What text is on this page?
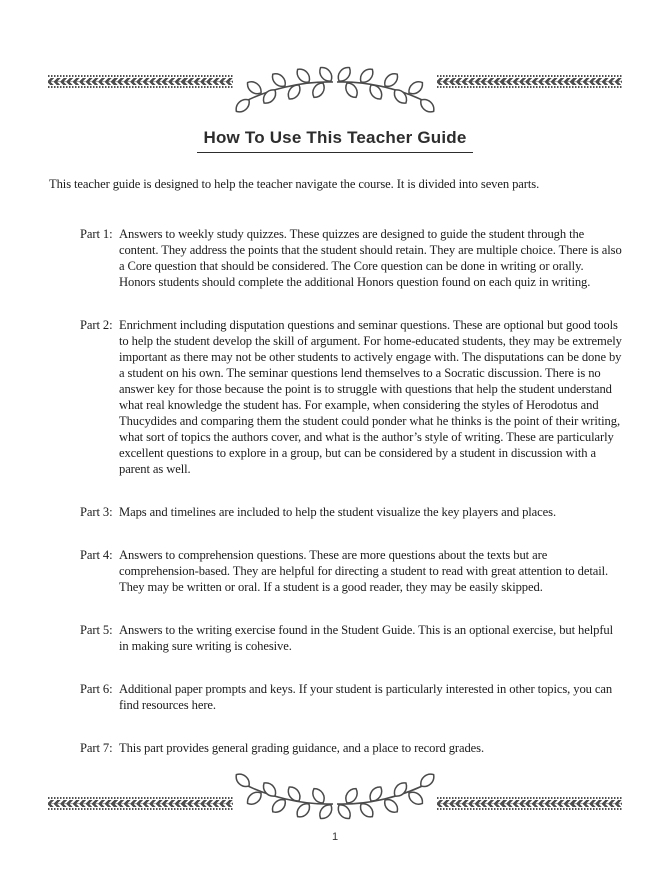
How To Use This Teacher Guide

This teacher guide is designed to help the teacher navigate the course. It is divided into seven parts.

Part 1: Answers to weekly study quizzes. These quizzes are designed to guide the student through the content. They address the points that the student should retain. They are multiple choice. There is also a Core question that should be considered. The Core question can be done in writing or orally. Honors students should complete the additional Honors question found on each quiz in writing.

Part 2: Enrichment including disputation questions and seminar questions. These are optional but good tools to help the student develop the skill of argument. For home-educated students, they may be extremely important as there may not be other students to actively engage with. The disputations can be done by a student on his own. The seminar questions lend themselves to a Socratic discussion. There is no answer key for those because the point is to struggle with questions that help the student understand what real knowledge the student has. For example, when considering the styles of Herodotus and Thucydides and comparing them the student could ponder what he thinks is the point of their writing, what sort of topics the authors cover, and what is the author’s style of writing. These are particularly excellent questions to explore in a group, but can be considered by a student in discussion with a parent as well.

Part 3: Maps and timelines are included to help the student visualize the key players and places.

Part 4: Answers to comprehension questions. These are more questions about the texts but are comprehension-based. They are helpful for directing a student to read with great attention to detail. They may be written or oral. If a student is a good reader, they may be easily skipped.

Part 5: Answers to the writing exercise found in the Student Guide. This is an optional exercise, but helpful in making sure writing is cohesive.

Part 6: Additional paper prompts and keys. If your student is particularly interested in other topics, you can find resources here.

Part 7: This part provides general grading guidance, and a place to record grades.

1
